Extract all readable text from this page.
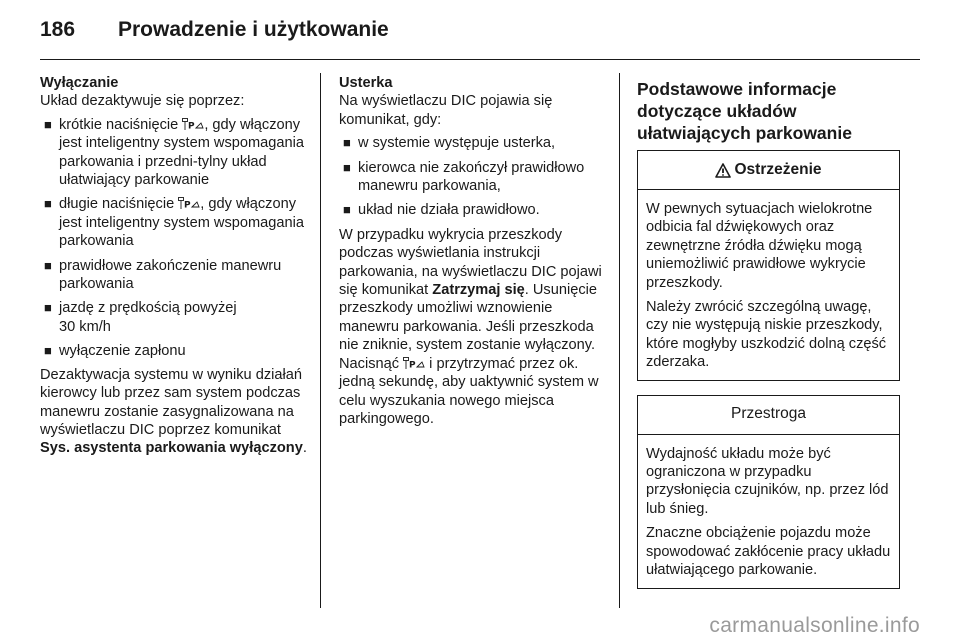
186	Prowadzenie i użytkowanie

Wyłączanie

Układ dezaktywuje się poprzez:

■ krótkie naciśnięcie P , gdy włączony jest inteligentny system wspomagania parkowania i przedni-tylny układ ułatwiający parkowanie
■ długie naciśnięcie P , gdy włączony jest inteligentny system wspomagania parkowania
■ prawidłowe zakończenie manewru parkowania
■ jazdę z prędkością powyżej
30 km/h
■ wyłączenie zapłonu

Dezaktywacja systemu w wyniku działań kierowcy lub przez sam system podczas manewru zostanie zasygnalizowana na wyświetlaczu DIC poprzez komunikat Sys. asystenta parkowania wyłączony.

Usterka

Na wyświetlaczu DIC pojawia się komunikat, gdy:

■ w systemie występuje usterka,
■ kierowca nie zakończył prawidłowo manewru parkowania,
■ układ nie działa prawidłowo.

W przypadku wykrycia przeszkody podczas wyświetlania instrukcji parkowania, na wyświetlaczu DIC pojawi się komunikat Zatrzymaj się. Usunięcie przeszkody umożliwi wznowienie manewru parkowania. Jeśli przeszkoda nie zniknie, system zostanie wyłączony. Nacisnąć P i przytrzymać przez ok. jedną sekundę, aby uaktywnić system w celu wyszukania nowego miejsca parkingowego.

Podstawowe informacje dotyczące układów ułatwiających parkowanie
Ostrzeżenie

W pewnych sytuacjach wielokrotne odbicia fal dźwiękowych oraz zewnętrzne źródła dźwięku mogą uniemożliwić prawidłowe wykrycie przeszkody.

Należy zwrócić szczególną uwagę, czy nie występują niskie przeszkody, które mogłyby uszkodzić dolną część zderzaka.

Przestroga

Wydajność układu może być ograniczona w przypadku przysłonięcia czujników, np. przez lód lub śnieg.

Znaczne obciążenie pojazdu może spowodować zakłócenie pracy układu ułatwiającego parkowanie.

carmanualsonline.info
